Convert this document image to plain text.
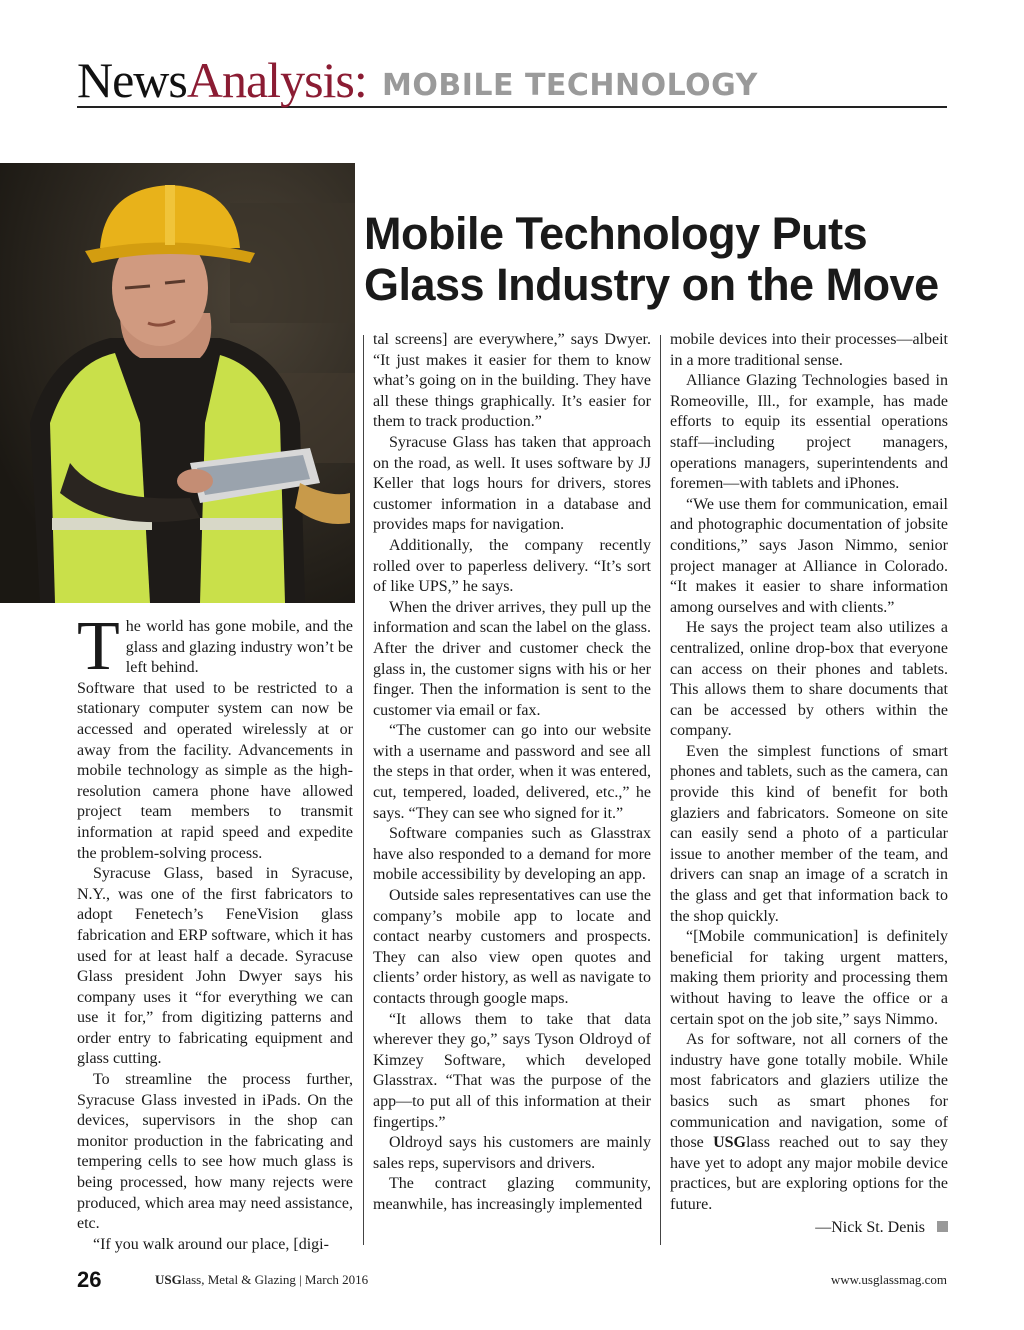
NewsAnalysis: MOBILE TECHNOLOGY
Mobile Technology Puts
Glass Industry on the Move

The world has gone mobile, and the glass and glazing industry won’t be left behind.

Software that used to be restricted to a stationary computer system can now be accessed and operated wirelessly at or away from the facility. Advancements in mobile technology as simple as the high-resolution camera phone have allowed project team members to transmit information at rapid speed and expedite the problem-solving process.

Syracuse Glass, based in Syracuse, N.Y., was one of the first fabricators to adopt Fenetech’s FeneVision glass fabrication and ERP software, which it has used for at least half a decade. Syracuse Glass president John Dwyer says his company uses it “for everything we can use it for,” from digitizing patterns and order entry to fabricating equipment and glass cutting.

To streamline the process further, Syracuse Glass invested in iPads. On the devices, supervisors in the shop can monitor production in the fabricating and tempering cells to see how much glass is being processed, how many rejects were produced, which area may need assistance, etc.

“If you walk around our place, [digi-

tal screens] are everywhere,” says Dwyer. “It just makes it easier for them to know what’s going on in the building. They have all these things graphically. It’s easier for them to track production.”

Syracuse Glass has taken that approach on the road, as well. It uses software by JJ Keller that logs hours for drivers, stores customer information in a database and provides maps for navigation.

Additionally, the company recently rolled over to paperless delivery. “It’s sort of like UPS,” he says.

When the driver arrives, they pull up the information and scan the label on the glass. After the driver and customer check the glass in, the customer signs with his or her finger. Then the information is sent to the customer via email or fax.

“The customer can go into our website with a username and password and see all the steps in that order, when it was entered, cut, tempered, loaded, delivered, etc.,” he says. “They can see who signed for it.”

Software companies such as Glasstrax have also responded to a demand for more mobile accessibility by developing an app.

Outside sales representatives can use the company’s mobile app to locate and contact nearby customers and prospects. They can also view open quotes and clients’ order history, as well as navigate to contacts through google maps.

“It allows them to take that data wherever they go,” says Tyson Oldroyd of Kimzey Software, which developed Glasstrax. “That was the purpose of the app—to put all of this information at their fingertips.”

Oldroyd says his customers are mainly sales reps, supervisors and drivers.

The contract glazing community, meanwhile, has increasingly implemented

mobile devices into their processes—albeit in a more traditional sense.

Alliance Glazing Technologies based in Romeoville, Ill., for example, has made efforts to equip its essential operations staff—including project managers, operations managers, superintendents and foremen—with tablets and iPhones.

“We use them for communication, email and photographic documentation of jobsite conditions,” says Jason Nimmo, senior project manager at Alliance in Colorado. “It makes it easier to share information among ourselves and with clients.”

He says the project team also utilizes a centralized, online drop-box that everyone can access on their phones and tablets. This allows them to share documents that can be accessed by others within the company.

Even the simplest functions of smart phones and tablets, such as the camera, can provide this kind of benefit for both glaziers and fabricators. Someone on site can easily send a photo of a particular issue to another member of the team, and drivers can snap an image of a scratch in the glass and get that information back to the shop quickly.

“[Mobile communication] is definitely beneficial for taking urgent matters, making them priority and processing them without having to leave the office or a certain spot on the job site,” says Nimmo.

As for software, not all corners of the industry have gone totally mobile. While most fabricators and glaziers utilize the basics such as smart phones for communication and navigation, some of those USGlass reached out to say they have yet to adopt any major mobile device practices, but are exploring options for the future.

—Nick St. Denis
26	USGlass, Metal & Glazing | March 2016	www.usglassmag.com
